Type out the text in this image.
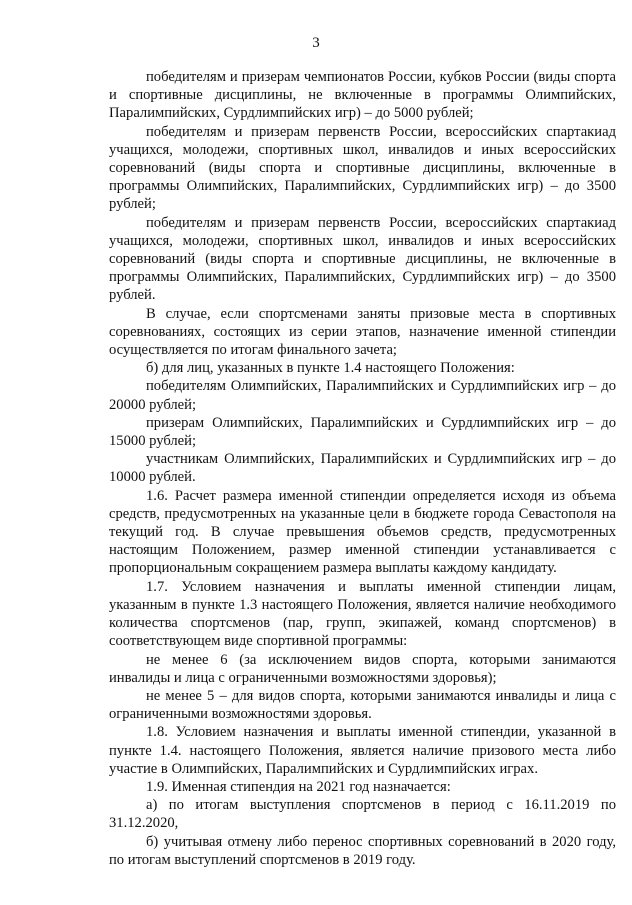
3

победителям и призерам чемпионатов России, кубков России (виды спорта и спортивные дисциплины, не включенные в программы Олимпийских, Паралимпийских, Сурдлимпийских игр) – до 5000 рублей;

победителям и призерам первенств России, всероссийских спартакиад учащихся, молодежи, спортивных школ, инвалидов и иных всероссийских соревнований (виды спорта и спортивные дисциплины, включенные в программы Олимпийских, Паралимпийских, Сурдлимпийских игр) – до 3500 рублей;

победителям и призерам первенств России, всероссийских спартакиад учащихся, молодежи, спортивных школ, инвалидов и иных всероссийских соревнований (виды спорта и спортивные дисциплины, не включенные в программы Олимпийских, Паралимпийских, Сурдлимпийских игр) – до 3500 рублей.

В случае, если спортсменами заняты призовые места в спортивных соревнованиях, состоящих из серии этапов, назначение именной стипендии осуществляется по итогам финального зачета;

б) для лиц, указанных в пункте 1.4 настоящего Положения:

победителям Олимпийских, Паралимпийских и Сурдлимпийских игр – до 20000 рублей;

призерам Олимпийских, Паралимпийских и Сурдлимпийских игр – до 15000 рублей;

участникам Олимпийских, Паралимпийских и Сурдлимпийских игр – до 10000 рублей.

1.6. Расчет размера именной стипендии определяется исходя из объема средств, предусмотренных на указанные цели в бюджете города Севастополя на текущий год. В случае превышения объемов средств, предусмотренных настоящим Положением, размер именной стипендии устанавливается с пропорциональным сокращением размера выплаты каждому кандидату.

1.7. Условием назначения и выплаты именной стипендии лицам, указанным в пункте 1.3 настоящего Положения, является наличие необходимого количества спортсменов (пар, групп, экипажей, команд спортсменов) в соответствующем виде спортивной программы:

не менее 6 (за исключением видов спорта, которыми занимаются инвалиды и лица с ограниченными возможностями здоровья);

не менее 5 – для видов спорта, которыми занимаются инвалиды и лица с ограниченными возможностями здоровья.

1.8. Условием назначения и выплаты именной стипендии, указанной в пункте 1.4. настоящего Положения, является наличие призового места либо участие в Олимпийских, Паралимпийских и Сурдлимпийских играх.

1.9. Именная стипендия на 2021 год назначается:

а) по итогам выступления спортсменов в период с 16.11.2019 по 31.12.2020,

б) учитывая отмену либо перенос спортивных соревнований в 2020 году, по итогам выступлений спортсменов в 2019 году.
